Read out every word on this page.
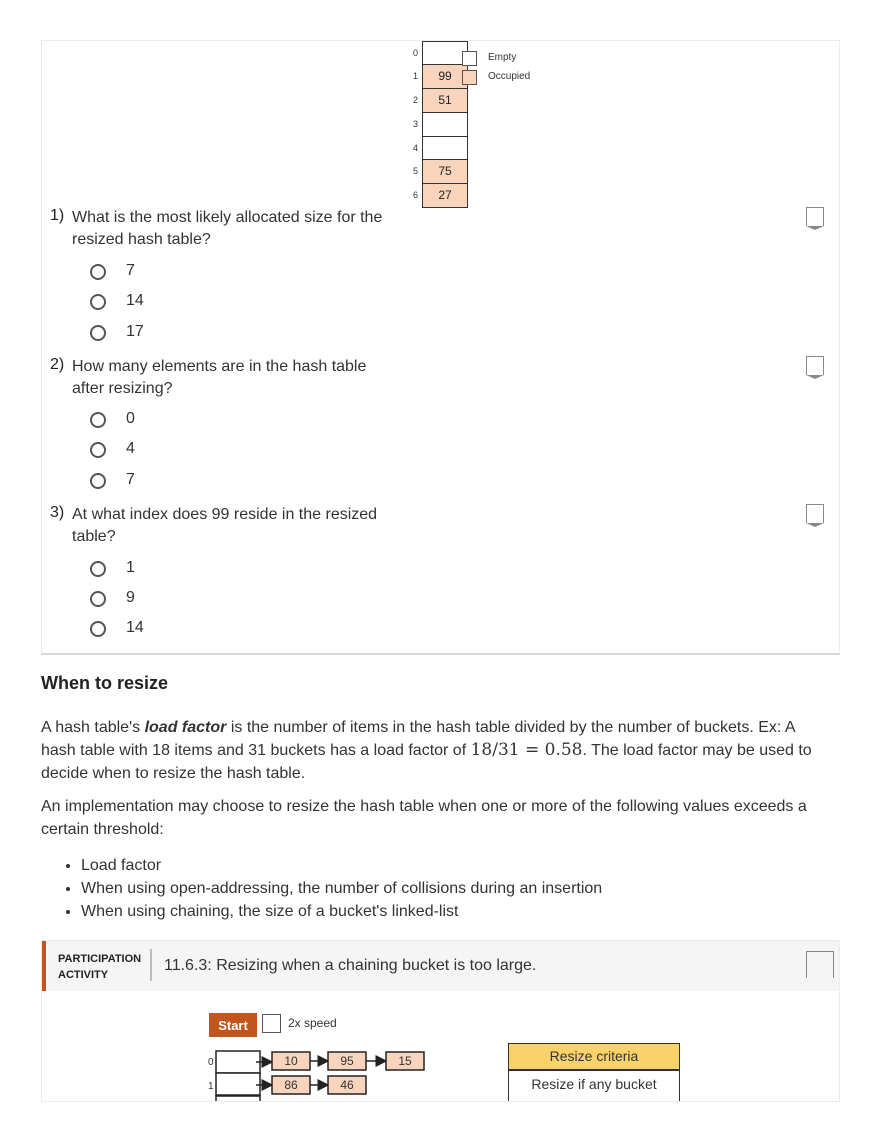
0
1	99
2	51
3
4
5	75
6	27
Empty
Occupied
1) What is the most likely allocated size for the resized hash table?
7
14
17
2) How many elements are in the hash table after resizing?
0
4
7
3) At what index does 99 reside in the resized table?
1
9
14
When to resize

A hash table's load factor is the number of items in the hash table divided by the number of buckets. Ex: A hash table with 18 items and 31 buckets has a load factor of 18/31 = 0.58. The load factor may be used to decide when to resize the hash table.

An implementation may choose to resize the hash table when one or more of the following values exceeds a certain threshold:

• Load factor
• When using open-addressing, the number of collisions during an insertion
• When using chaining, the size of a bucket's linked-list
PARTICIPATION
ACTIVITY
11.6.3: Resizing when a chaining bucket is too large.
Start	2x speed
0	10	95	15
1	86	46
Resize criteria
Resize if any bucket
